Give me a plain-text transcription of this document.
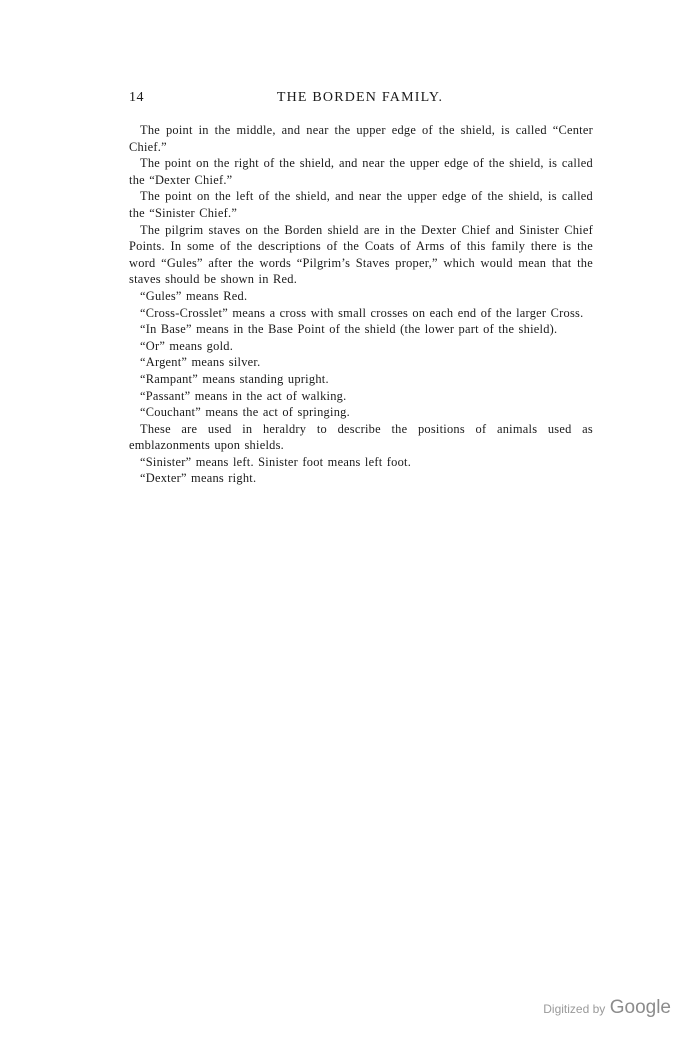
14	THE BORDEN FAMILY.

The point in the middle, and near the upper edge of the shield, is called “Center Chief.”

The point on the right of the shield, and near the upper edge of the shield, is called the “Dexter Chief.”

The point on the left of the shield, and near the upper edge of the shield, is called the “Sinister Chief.”

The pilgrim staves on the Borden shield are in the Dexter Chief and Sinister Chief Points. In some of the descriptions of the Coats of Arms of this family there is the word “Gules” after the words “Pilgrim’s Staves proper,” which would mean that the staves should be shown in Red.

“Gules” means Red.

“Cross-Crosslet” means a cross with small crosses on each end of the larger Cross.

“In Base” means in the Base Point of the shield (the lower part of the shield).

“Or” means gold.

“Argent” means silver.

“Rampant” means standing upright.

“Passant” means in the act of walking.

“Couchant” means the act of springing.

These are used in heraldry to describe the positions of animals used as emblazonments upon shields.

“Sinister” means left. Sinister foot means left foot.

“Dexter” means right.

Digitized by Google
